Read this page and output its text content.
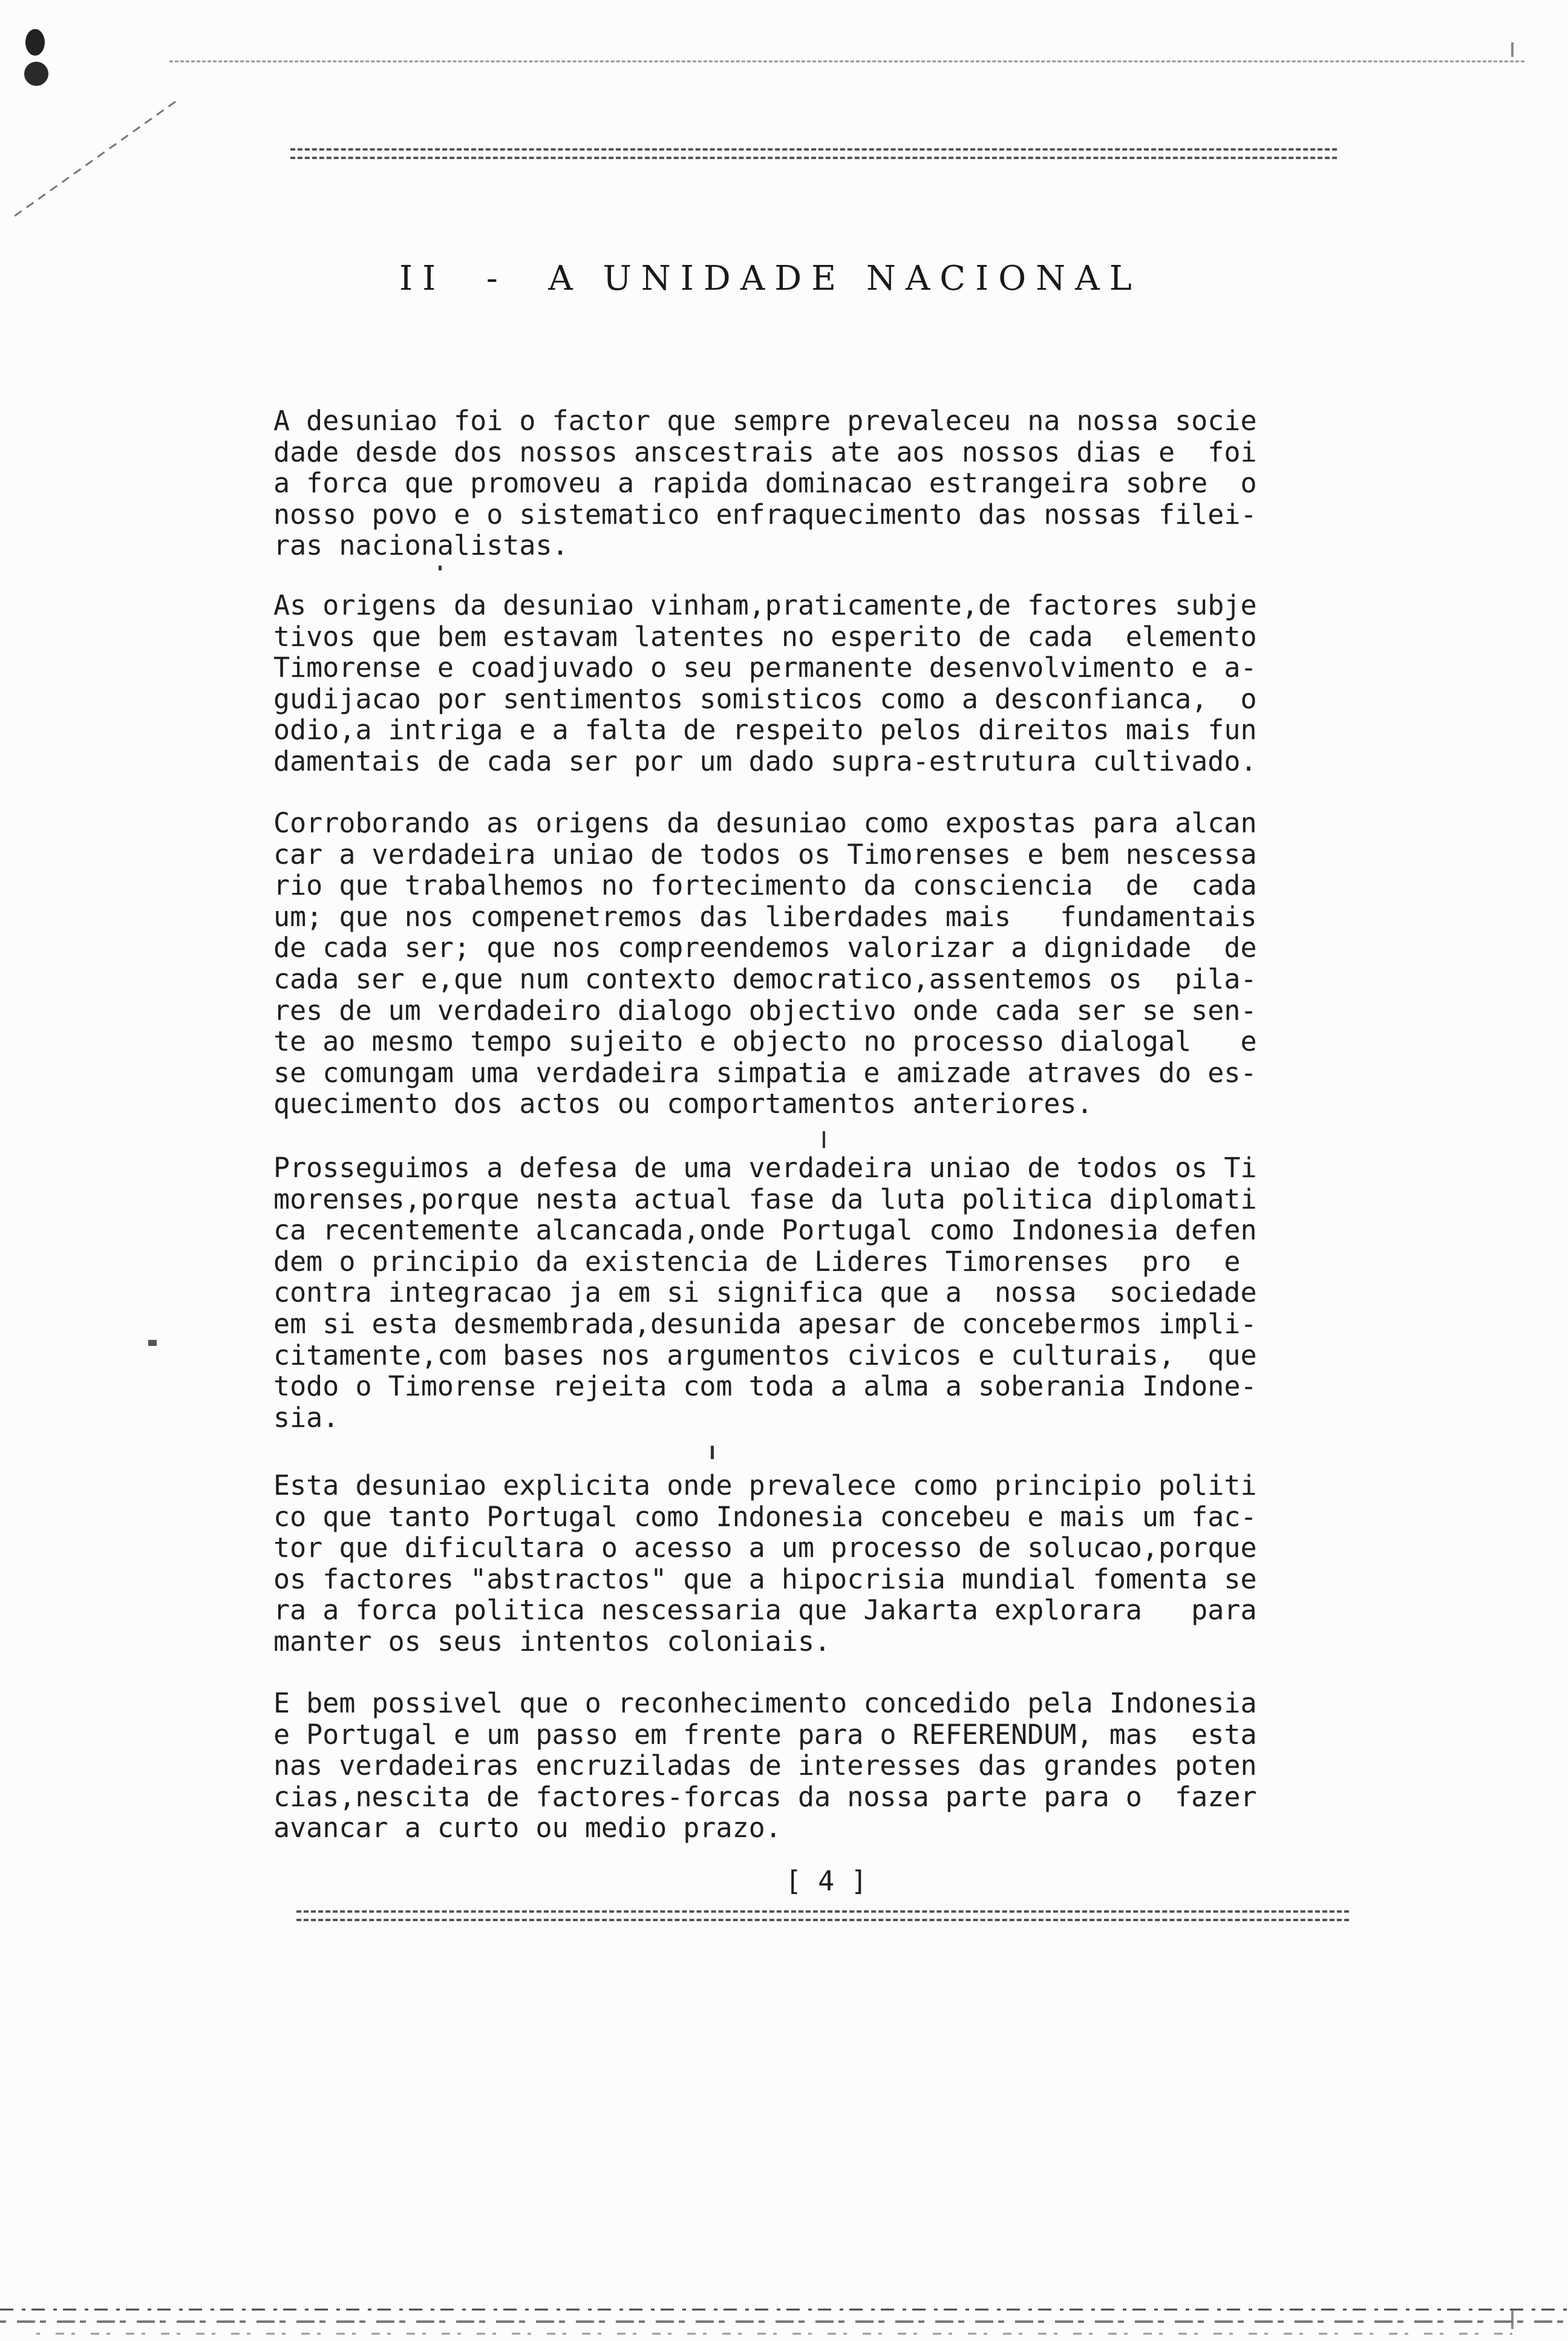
II  -  A UNIDADE NACIONAL
A desuniao foi o factor que sempre prevaleceu na nossa socie
dade desde dos nossos anscestrais ate aos nossos dias e  foi
a forca que promoveu a rapida dominacao estrangeira sobre  o
nosso povo e o sistematico enfraquecimento das nossas filei-
ras nacionalistas.
As origens da desuniao vinham,praticamente,de factores subje
tivos que bem estavam latentes no esperito de cada  elemento
Timorense e coadjuvado o seu permanente desenvolvimento e a-
gudijacao por sentimentos somisticos como a desconfianca,  o
odio,a intriga e a falta de respeito pelos direitos mais fun
damentais de cada ser por um dado supra-estrutura cultivado.
Corroborando as origens da desuniao como expostas para alcan
car a verdadeira uniao de todos os Timorenses e bem nescessa
rio que trabalhemos no fortecimento da consciencia  de  cada
um; que nos compenetremos das liberdades mais   fundamentais
de cada ser; que nos compreendemos valorizar a dignidade  de
cada ser e,que num contexto democratico,assentemos os  pila-
res de um verdadeiro dialogo objectivo onde cada ser se sen-
te ao mesmo tempo sujeito e objecto no processo dialogal   e
se comungam uma verdadeira simpatia e amizade atraves do es-
quecimento dos actos ou comportamentos anteriores.
Prosseguimos a defesa de uma verdadeira uniao de todos os Ti
morenses,porque nesta actual fase da luta politica diplomati
ca recentemente alcancada,onde Portugal como Indonesia defen
dem o principio da existencia de Lideres Timorenses  pro  e
contra integracao ja em si significa que a  nossa  sociedade
em si esta desmembrada,desunida apesar de concebermos impli-
citamente,com bases nos argumentos civicos e culturais,  que
todo o Timorense rejeita com toda a alma a soberania Indone-
sia.
Esta desuniao explicita onde prevalece como principio politi
co que tanto Portugal como Indonesia concebeu e mais um fac-
tor que dificultara o acesso a um processo de solucao,porque
os factores "abstractos" que a hipocrisia mundial fomenta se
ra a forca politica nescessaria que Jakarta explorara   para
manter os seus intentos coloniais.
E bem possivel que o reconhecimento concedido pela Indonesia
e Portugal e um passo em frente para o REFERENDUM, mas  esta
nas verdadeiras encruziladas de interesses das grandes poten
cias,nescita de factores-forcas da nossa parte para o  fazer
avancar a curto ou medio prazo.
[ 4 ]
